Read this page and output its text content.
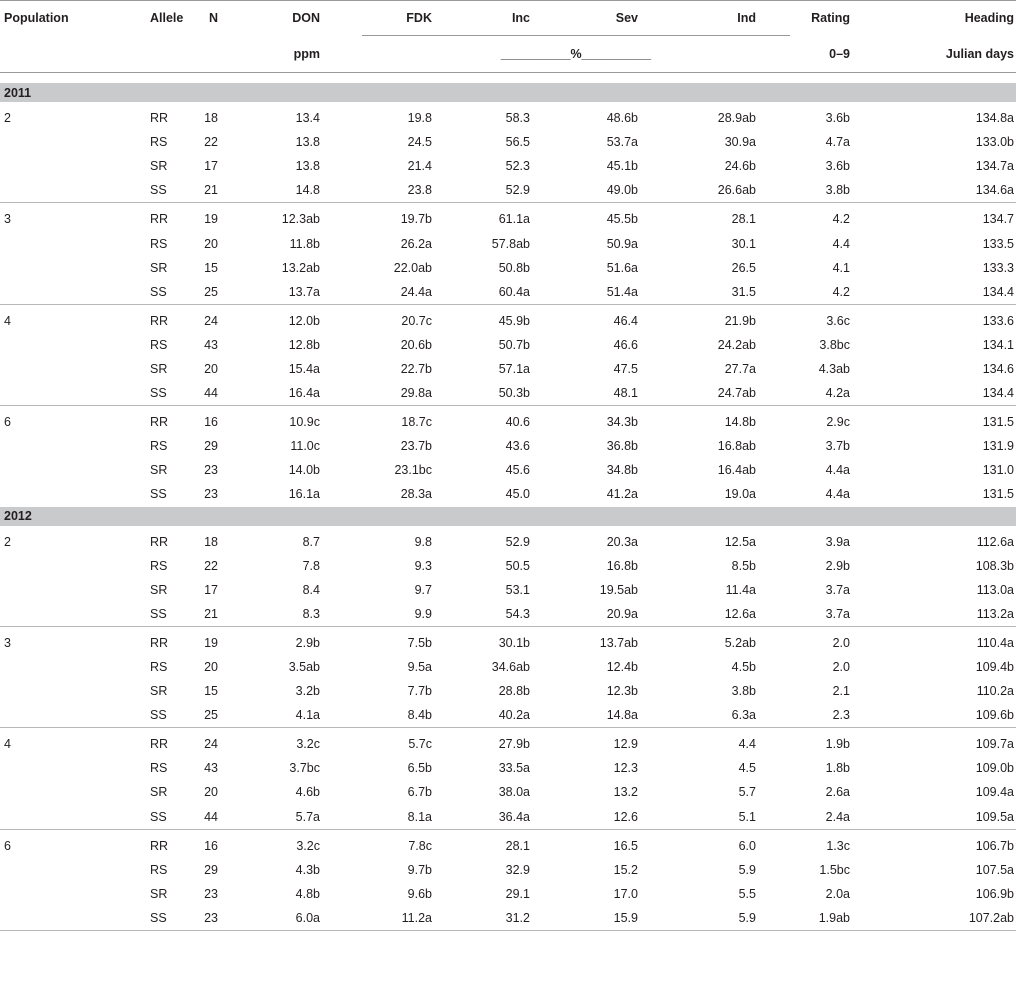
Population	Allele	N	DON	FDK	Inc	Sev	Ind	Rating	Heading
			ppm	__________%__________				0–9	Julian days

2011									
2	RR	18	13.4	19.8	58.3	48.6b	28.9ab	3.6b	134.8a
	RS	22	13.8	24.5	56.5	53.7a	30.9a	4.7a	133.0b
	SR	17	13.8	21.4	52.3	45.1b	24.6b	3.6b	134.7a
	SS	21	14.8	23.8	52.9	49.0b	26.6ab	3.8b	134.6a
3	RR	19	12.3ab	19.7b	61.1a	45.5b	28.1	4.2	134.7
	RS	20	11.8b	26.2a	57.8ab	50.9a	30.1	4.4	133.5
	SR	15	13.2ab	22.0ab	50.8b	51.6a	26.5	4.1	133.3
	SS	25	13.7a	24.4a	60.4a	51.4a	31.5	4.2	134.4
4	RR	24	12.0b	20.7c	45.9b	46.4	21.9b	3.6c	133.6
	RS	43	12.8b	20.6b	50.7b	46.6	24.2ab	3.8bc	134.1
	SR	20	15.4a	22.7b	57.1a	47.5	27.7a	4.3ab	134.6
	SS	44	16.4a	29.8a	50.3b	48.1	24.7ab	4.2a	134.4
6	RR	16	10.9c	18.7c	40.6	34.3b	14.8b	2.9c	131.5
	RS	29	11.0c	23.7b	43.6	36.8b	16.8ab	3.7b	131.9
	SR	23	14.0b	23.1bc	45.6	34.8b	16.4ab	4.4a	131.0
	SS	23	16.1a	28.3a	45.0	41.2a	19.0a	4.4a	131.5
2012									
2	RR	18	8.7	9.8	52.9	20.3a	12.5a	3.9a	112.6a
	RS	22	7.8	9.3	50.5	16.8b	8.5b	2.9b	108.3b
	SR	17	8.4	9.7	53.1	19.5ab	11.4a	3.7a	113.0a
	SS	21	8.3	9.9	54.3	20.9a	12.6a	3.7a	113.2a
3	RR	19	2.9b	7.5b	30.1b	13.7ab	5.2ab	2.0	110.4a
	RS	20	3.5ab	9.5a	34.6ab	12.4b	4.5b	2.0	109.4b
	SR	15	3.2b	7.7b	28.8b	12.3b	3.8b	2.1	110.2a
	SS	25	4.1a	8.4b	40.2a	14.8a	6.3a	2.3	109.6b
4	RR	24	3.2c	5.7c	27.9b	12.9	4.4	1.9b	109.7a
	RS	43	3.7bc	6.5b	33.5a	12.3	4.5	1.8b	109.0b
	SR	20	4.6b	6.7b	38.0a	13.2	5.7	2.6a	109.4a
	SS	44	5.7a	8.1a	36.4a	12.6	5.1	2.4a	109.5a
6	RR	16	3.2c	7.8c	28.1	16.5	6.0	1.3c	106.7b
	RS	29	4.3b	9.7b	32.9	15.2	5.9	1.5bc	107.5a
	SR	23	4.8b	9.6b	29.1	17.0	5.5	2.0a	106.9b
	SS	23	6.0a	11.2a	31.2	15.9	5.9	1.9ab	107.2ab
